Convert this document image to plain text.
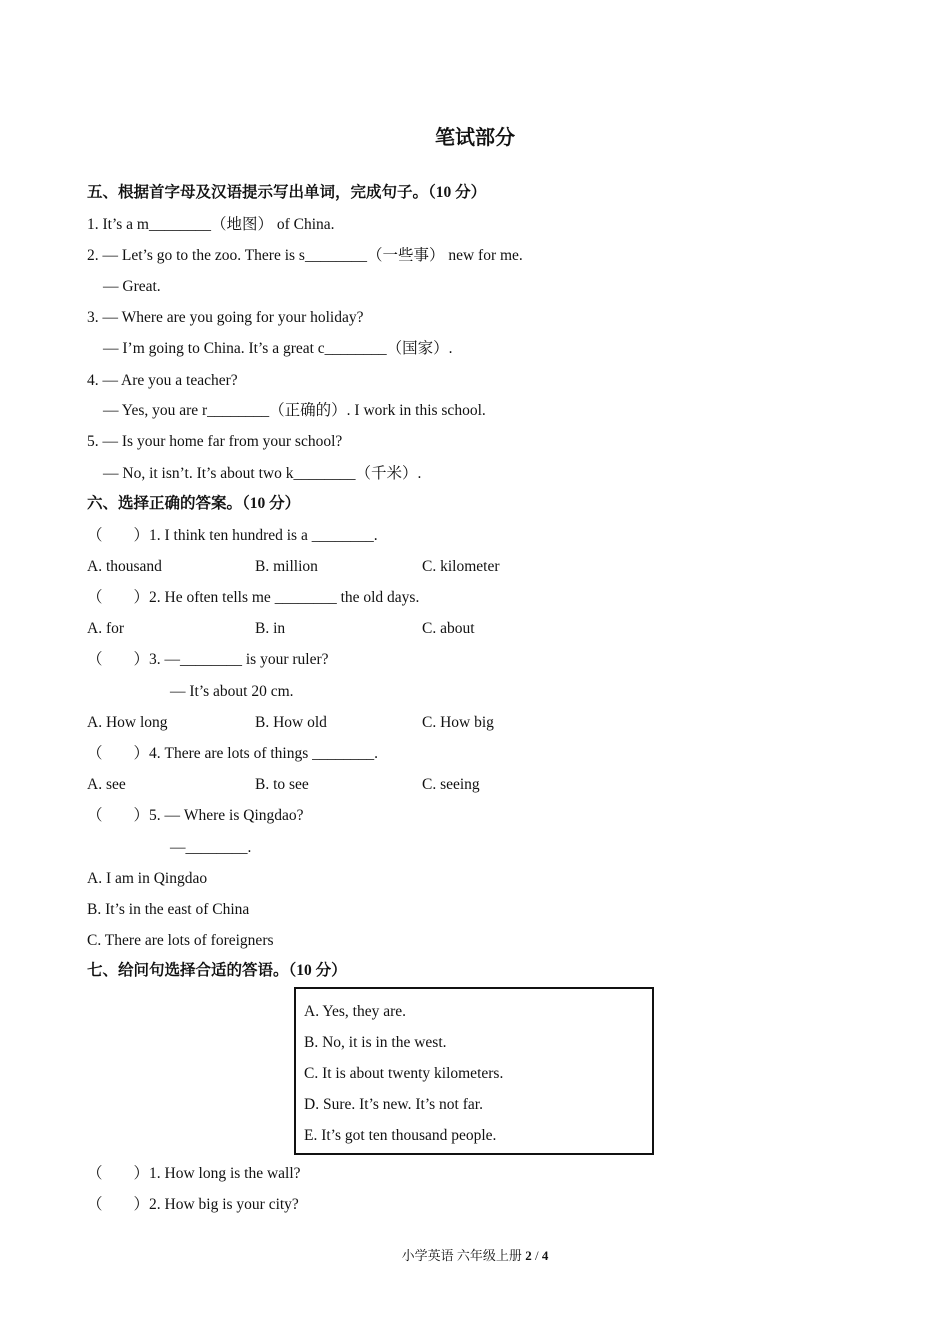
笔试部分
五、根据首字母及汉语提示写出单词，完成句子。（10 分）
1. It’s a m________（地图） of China.
2. — Let’s go to the zoo. There is s________（一些事） new for me.
— Great.
3. — Where are you going for your holiday?
— I’m going to China. It’s a great c________（国家）.
4. — Are you a teacher?
— Yes, you are r________（正确的）. I work in this school.
5. — Is your home far from your school?
— No, it isn’t. It’s about two k________（千米）.
六、选择正确的答案。（10 分）
（　　）1. I think ten hundred is a ________.
A. thousand	B. million	C. kilometer
（　　）2. He often tells me ________ the old days.
A. for	B. in	C. about
（　　）3. —________ is your ruler?
— It’s about 20 cm.
A. How long	B. How old	C. How big
（　　）4. There are lots of things ________.
A. see	B. to see	C. seeing
（　　）5. — Where is Qingdao?
—________.
A. I am in Qingdao
B. It’s in the east of China
C. There are lots of foreigners
七、给问句选择合适的答语。（10 分）
A. Yes, they are.
B. No, it is in the west.
C. It is about twenty kilometers.
D. Sure. It’s new. It’s not far.
E. It’s got ten thousand people.
（　　）1. How long is the wall?
（　　）2. How big is your city?
小学英语 六年级上册 2 / 4
